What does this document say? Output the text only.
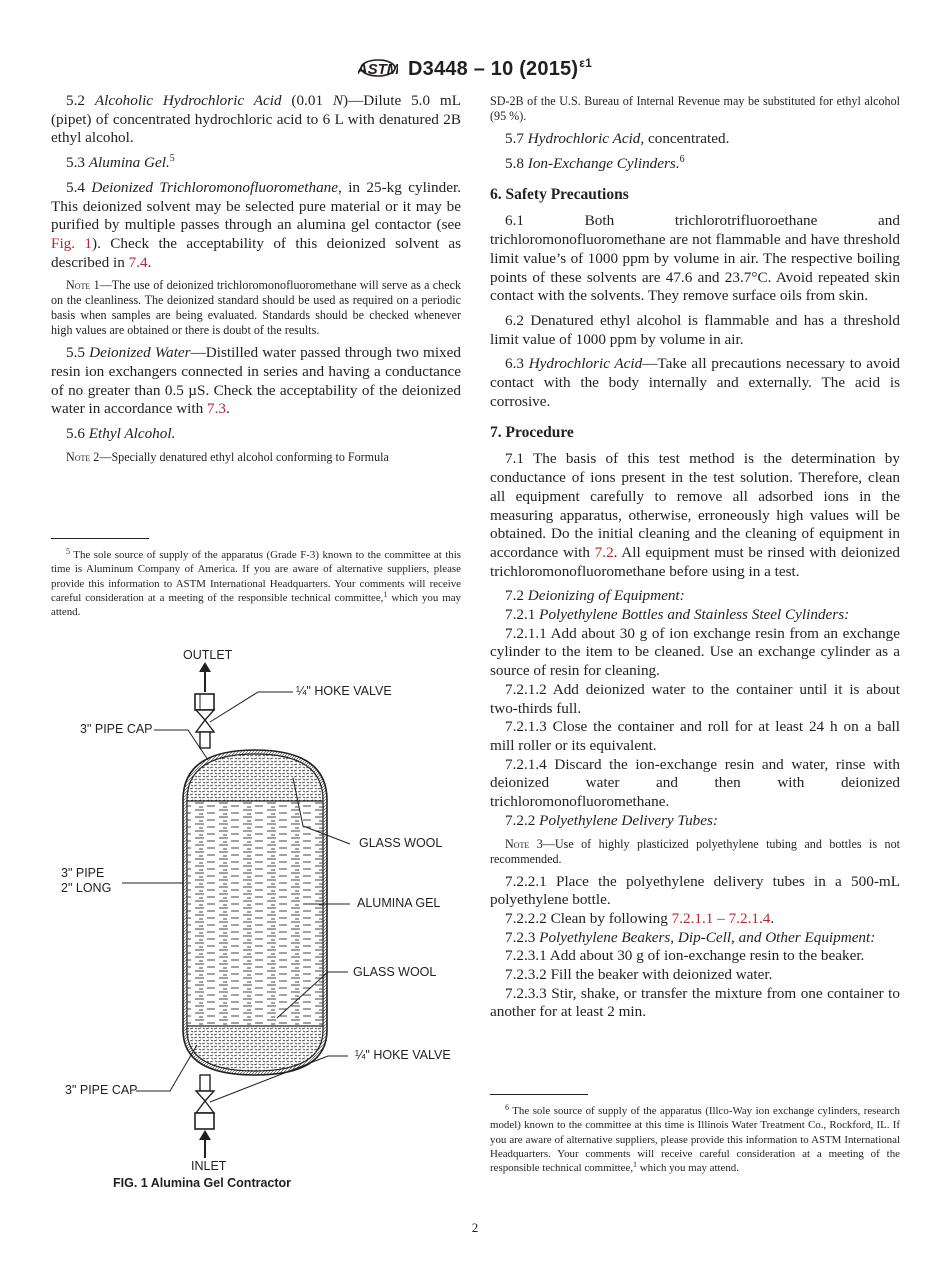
ASTM D3448 – 10 $(2015)^{\varepsilon 1}$

5.2 Alcoholic Hydrochloric Acid (0.01 N)—Dilute 5.0 mL (pipet) of concentrated hydrochloric acid to 6 L with denatured 2B ethyl alcohol.

5.3 Alumina Gel.$^5$

5.4 Deionized Trichloromonofluoromethane, in 25-kg cylinder. This deionized solvent may be selected pure material or it may be purified by multiple passes through an alumina gel contactor (see Fig. 1). Check the acceptability of this deionized solvent as described in 7.4.

Note 1—The use of deionized trichloromonofluoromethane will serve as a check on the cleanliness. The deionized standard should be used as required on a periodic basis when samples are being evaluated. Standards should be checked whenever high values are obtained or there is doubt of the results.

5.5 Deionized Water—Distilled water passed through two mixed resin ion exchangers connected in series and having a conductance of no greater than 0.5 µS. Check the acceptability of the deionized water in accordance with 7.3.

5.6 Ethyl Alcohol.

Note 2—Specially denatured ethyl alcohol conforming to Formula

$^5$ The sole source of supply of the apparatus (Grade F-3) known to the committee at this time is Aluminum Company of America. If you are aware of alternative suppliers, please provide this information to ASTM International Headquarters. Your comments will receive careful consideration at a meeting of the responsible technical committee,$^1$ which you may attend.

OUTLET
¼" HOKE VALVE
3" PIPE CAP
GLASS WOOL
3" PIPE
2" LONG
ALUMINA GEL
GLASS WOOL
¼" HOKE VALVE
3" PIPE CAP
INLET
FIG. 1 Alumina Gel Contractor

SD-2B of the U.S. Bureau of Internal Revenue may be substituted for ethyl alcohol (95 %).

5.7 Hydrochloric Acid, concentrated.

5.8 Ion-Exchange Cylinders.$^6$

6. Safety Precautions

6.1 Both trichlorotrifluoroethane and trichloromonofluoromethane are not flammable and have threshold limit value’s of 1000 ppm by volume in air. The respective boiling points of these solvents are 47.6 and 23.7°C. Avoid repeated skin contact with the solvents. They remove surface oils from skin.

6.2 Denatured ethyl alcohol is flammable and has a threshold limit value of 1000 ppm by volume in air.

6.3 Hydrochloric Acid—Take all precautions necessary to avoid contact with the body internally and externally. The acid is corrosive.

7. Procedure

7.1 The basis of this test method is the determination by conductance of ions present in the test solution. Therefore, clean all equipment carefully to remove all adsorbed ions in the measuring apparatus, otherwise, erroneously high values will be obtained. Do the initial cleaning and the cleaning of equipment in accordance with 7.2. All equipment must be rinsed with deionized trichloromonofluoromethane before using in a test.

7.2 Deionizing of Equipment:

7.2.1 Polyethylene Bottles and Stainless Steel Cylinders:

7.2.1.1 Add about 30 g of ion exchange resin from an exchange cylinder to the item to be cleaned. Use an exchange cylinder as a source of resin for cleaning.

7.2.1.2 Add deionized water to the container until it is about two-thirds full.

7.2.1.3 Close the container and roll for at least 24 h on a ball mill roller or its equivalent.

7.2.1.4 Discard the ion-exchange resin and water, rinse with deionized water and then with deionized trichloromonofluoromethane.

7.2.2 Polyethylene Delivery Tubes:

Note 3—Use of highly plasticized polyethylene tubing and bottles is not recommended.

7.2.2.1 Place the polyethylene delivery tubes in a 500-mL polyethylene bottle.

7.2.2.2 Clean by following 7.2.1.1 – 7.2.1.4.

7.2.3 Polyethylene Beakers, Dip-Cell, and Other Equipment:

7.2.3.1 Add about 30 g of ion-exchange resin to the beaker.

7.2.3.2 Fill the beaker with deionized water.

7.2.3.3 Stir, shake, or transfer the mixture from one container to another for at least 2 min.

$^6$ The sole source of supply of the apparatus (Illco-Way ion exchange cylinders, research model) known to the committee at this time is Illinois Water Treatment Co., Rockford, IL. If you are aware of alternative suppliers, please provide this information to ASTM International Headquarters. Your comments will receive careful consideration at a meeting of the responsible technical committee,$^1$ which you may attend.

2
